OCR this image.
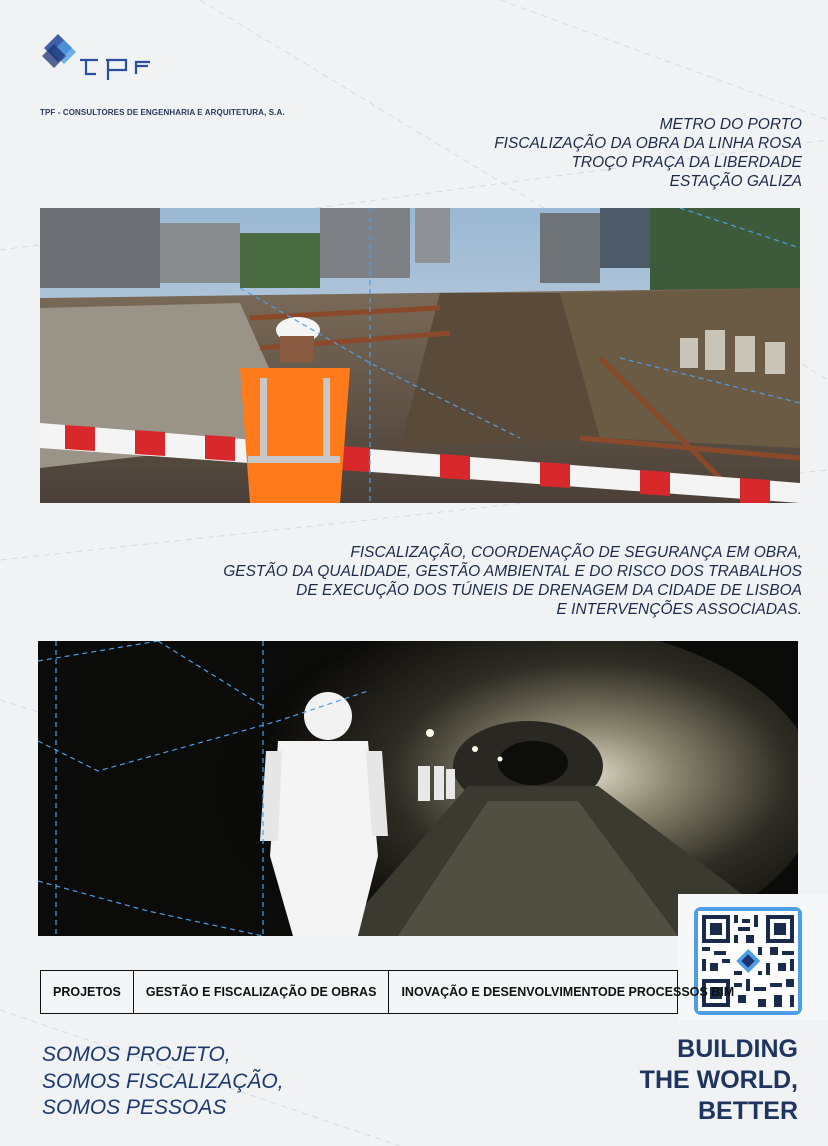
TPF - CONSULTORES DE ENGENHARIA E ARQUITETURA, S.A.
METRO DO PORTO
FISCALIZAÇÃO DA OBRA DA LINHA ROSA
TROÇO PRAÇA DA LIBERDADE
ESTAÇÃO GALIZA
FISCALIZAÇÃO, COORDENAÇÃO DE SEGURANÇA EM OBRA,
GESTÃO DA QUALIDADE, GESTÃO AMBIENTAL E DO RISCO DOS TRABALHOS
DE EXECUÇÃO DOS TÚNEIS DE DRENAGEM DA CIDADE DE LISBOA
E INTERVENÇÕES ASSOCIADAS.
PROJETOS	GESTÃO E FISCALIZAÇÃO DE OBRAS	INOVAÇÃO E DESENVOLVIMENTO DE PROCESSOS BIM
SOMOS PROJETO,
SOMOS FISCALIZAÇÃO,
SOMOS PESSOAS
BUILDING
THE WORLD,
BETTER
